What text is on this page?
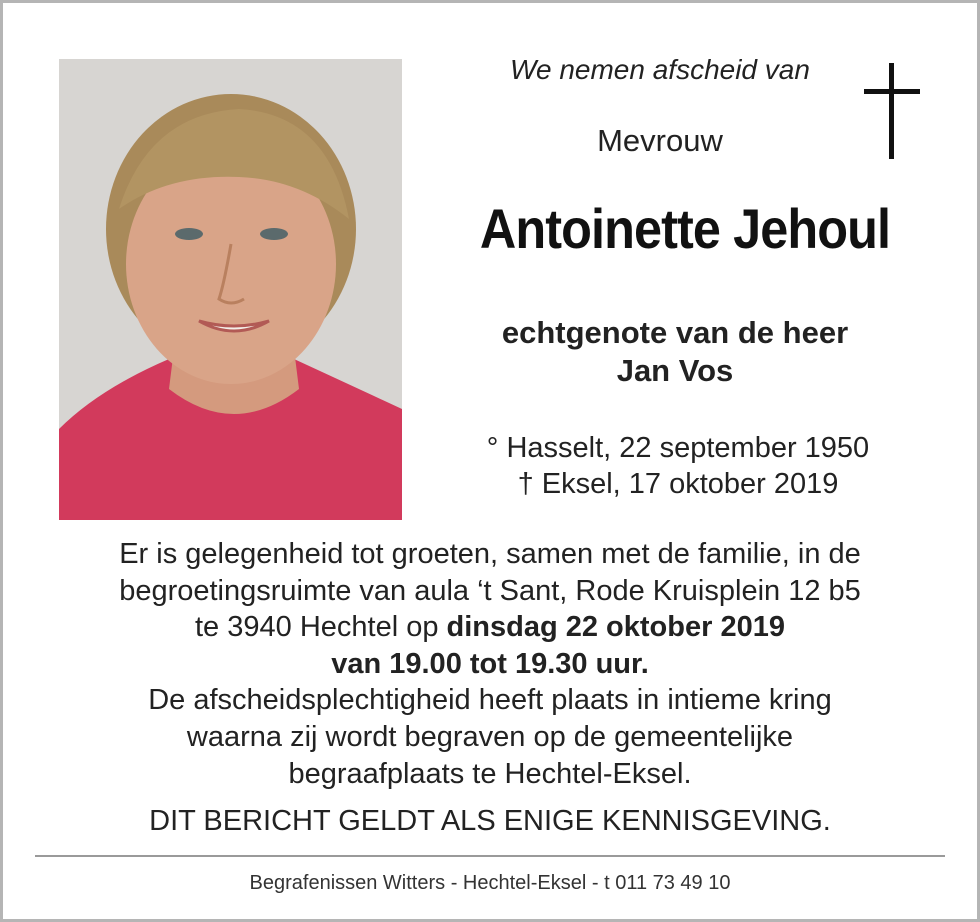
We nemen afscheid van
Mevrouw
Antoinette Jehoul
echtgenote van de heer
Jan Vos
° Hasselt, 22 september 1950
† Eksel, 17 oktober 2019
Er is gelegenheid tot groeten, samen met de familie, in de
begroetingsruimte van aula ‘t Sant, Rode Kruisplein 12 b5
te 3940 Hechtel op dinsdag 22 oktober 2019
van 19.00 tot 19.30 uur.
De afscheidsplechtigheid heeft plaats in intieme kring
waarna zij wordt begraven op de gemeentelijke
begraafplaats te Hechtel-Eksel.
DIT BERICHT GELDT ALS ENIGE KENNISGEVING.
Begrafenissen Witters - Hechtel-Eksel - t 011 73 49 10
